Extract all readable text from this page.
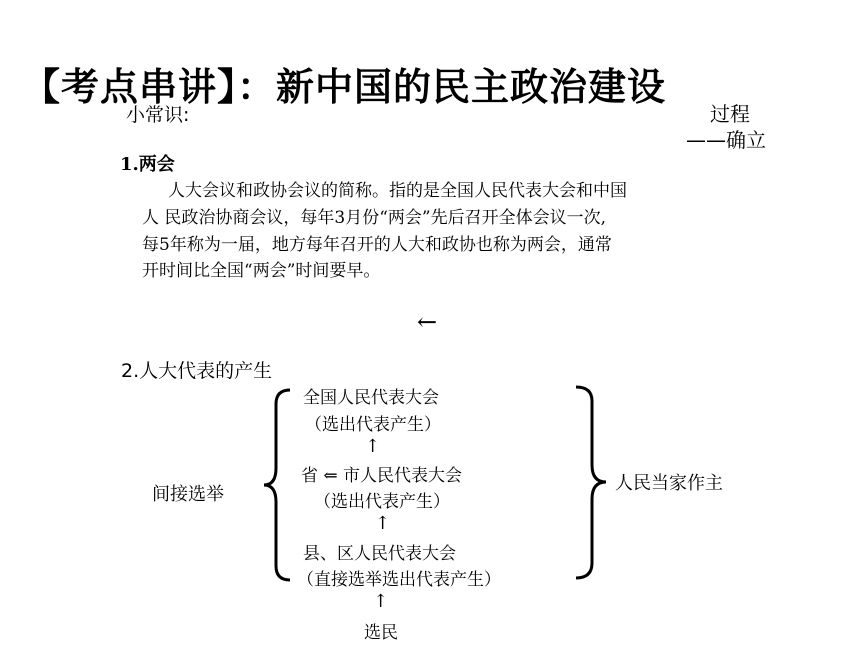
【考点串讲】：新中国的民主政治建设
小常识:	过程
——确立
1.两会
人大会议和政协会议的简称。指的是全国人民代表大会和中国
人 民政治协商会议，每年3月份“两会”先后召开全体会议一次,
每5年称为一届，地方每年召开的人大和政协也称为两会，通常
开时间比全国“两会”时间要早。
←
2.人大代表的产生
全国人民代表大会
（选出代表产生）
↑
省 ⇐ 市人民代表大会
（选出代表产生）
↑
县、区人民代表大会
（直接选举选出代表产生）
↑
选民
间接选举
人民当家作主
